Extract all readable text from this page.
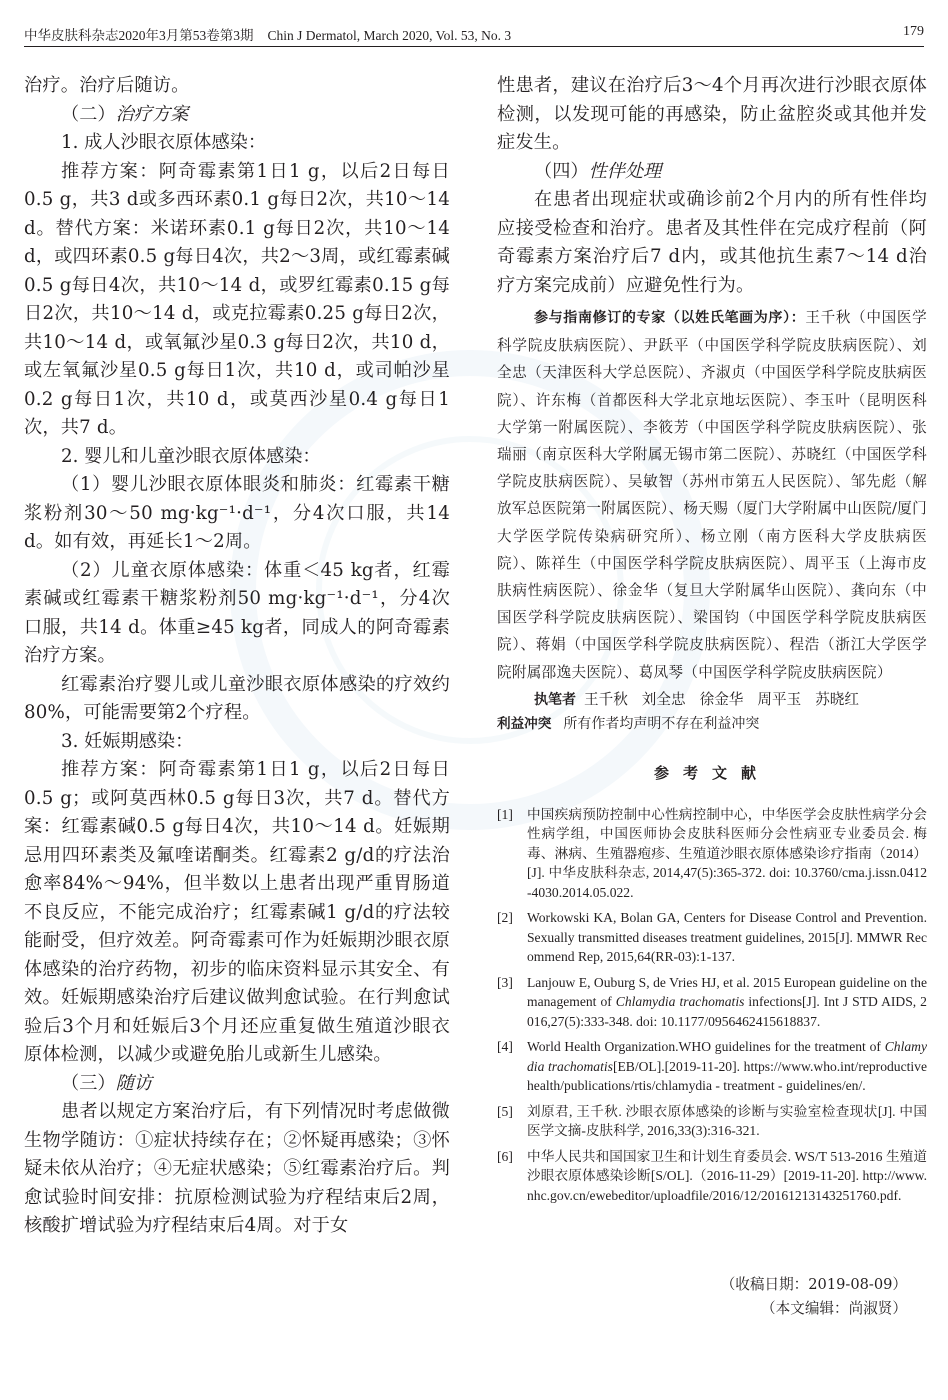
中华皮肤科杂志2020年3月第53卷第3期 Chin J Dermatol, March 2020, Vol. 53, No. 3	179

治疗。治疗后随访。

（二）治疗方案

1. 成人沙眼衣原体感染：

推荐方案：阿奇霉素第1日1 g，以后2日每日0.5 g，共3 d或多西环素0.1 g每日2次，共10～14 d。替代方案：米诺环素0.1 g每日2次，共10～14 d，或四环素0.5 g每日4次，共2～3周，或红霉素碱0.5 g每日4次，共10～14 d，或罗红霉素0.15 g每日2次，共10～14 d，或克拉霉素0.25 g每日2次，共10～14 d，或氧氟沙星0.3 g每日2次，共10 d，或左氧氟沙星0.5 g每日1次，共10 d，或司帕沙星0.2 g每日1次，共10 d，或莫西沙星0.4 g每日1次，共7 d。

2. 婴儿和儿童沙眼衣原体感染：

（1）婴儿沙眼衣原体眼炎和肺炎：红霉素干糖浆粉剂30～50 mg·kg⁻¹·d⁻¹，分4次口服，共14 d。如有效，再延长1～2周。

（2）儿童衣原体感染：体重＜45 kg者，红霉素碱或红霉素干糖浆粉剂50 mg·kg⁻¹·d⁻¹，分4次口服，共14 d。体重≥45 kg者，同成人的阿奇霉素治疗方案。

红霉素治疗婴儿或儿童沙眼衣原体感染的疗效约80%，可能需要第2个疗程。

3. 妊娠期感染：

推荐方案：阿奇霉素第1日1 g，以后2日每日0.5 g；或阿莫西林0.5 g每日3次，共7 d。替代方案：红霉素碱0.5 g每日4次，共10～14 d。妊娠期忌用四环素类及氟喹诺酮类。红霉素2 g/d的疗法治愈率84%～94%，但半数以上患者出现严重胃肠道不良反应，不能完成治疗；红霉素碱1 g/d的疗法较能耐受，但疗效差。阿奇霉素可作为妊娠期沙眼衣原体感染的治疗药物，初步的临床资料显示其安全、有效。妊娠期感染治疗后建议做判愈试验。在行判愈试验后3个月和妊娠后3个月还应重复做生殖道沙眼衣原体检测，以减少或避免胎儿或新生儿感染。

（三）随访

患者以规定方案治疗后，有下列情况时考虑做微生物学随访：①症状持续存在；②怀疑再感染；③怀疑未依从治疗；④无症状感染；⑤红霉素治疗后。判愈试验时间安排：抗原检测试验为疗程结束后2周，核酸扩增试验为疗程结束后4周。对于女

性患者，建议在治疗后3～4个月再次进行沙眼衣原体检测，以发现可能的再感染，防止盆腔炎或其他并发症发生。

（四）性伴处理

在患者出现症状或确诊前2个月内的所有性伴均应接受检查和治疗。患者及其性伴在完成疗程前（阿奇霉素方案治疗后7 d内，或其他抗生素7～14 d治疗方案完成前）应避免性行为。

参与指南修订的专家（以姓氏笔画为序）：王千秋（中国医学科学院皮肤病医院）、尹跃平（中国医学科学院皮肤病医院）、刘全忠（天津医科大学总医院）、齐淑贞（中国医学科学院皮肤病医院）、许东梅（首都医科大学北京地坛医院）、李玉叶（昆明医科大学第一附属医院）、李筱芳（中国医学科学院皮肤病医院）、张瑞丽（南京医科大学附属无锡市第二医院）、苏晓红（中国医学科学院皮肤病医院）、吴敏智（苏州市第五人民医院）、邹先彪（解放军总医院第一附属医院）、杨天赐（厦门大学附属中山医院/厦门大学医学院传染病研究所）、杨立刚（南方医科大学皮肤病医院）、陈祥生（中国医学科学院皮肤病医院）、周平玉（上海市皮肤病性病医院）、徐金华（复旦大学附属华山医院）、龚向东（中国医学科学院皮肤病医院）、梁国钧（中国医学科学院皮肤病医院）、蒋娟（中国医学科学院皮肤病医院）、程浩（浙江大学医学院附属邵逸夫医院）、葛凤琴（中国医学科学院皮肤病医院）

执笔者 王千秋 刘全忠 徐金华 周平玉 苏晓红

利益冲突 所有作者均声明不存在利益冲突

参考文献
[1] 中国疾病预防控制中心性病控制中心，中华医学会皮肤性病学分会性病学组，中国医师协会皮肤科医师分会性病亚专业委员会. 梅毒、淋病、生殖器疱疹、生殖道沙眼衣原体感染诊疗指南（2014）[J]. 中华皮肤科杂志, 2014,47(5):365-372. doi: 10.3760/cma.j.issn.0412-4030.2014.05.022.
[2] Workowski KA, Bolan GA, Centers for Disease Control and Prevention. Sexually transmitted diseases treatment guidelines, 2015[J]. MMWR Recommend Rep, 2015,64(RR-03):1-137.
[3] Lanjouw E, Ouburg S, de Vries HJ, et al. 2015 European guideline on the management of Chlamydia trachomatis infections[J]. Int J STD AIDS, 2016,27(5):333-348. doi: 10.1177/0956462415618837.
[4] World Health Organization.WHO guidelines for the treatment of Chlamydia trachomatis[EB/OL].[2019-11-20]. https://www.who.int/reproductivehealth/publications/rtis/chlamydia - treatment - guidelines/en/.
[5] 刘原君, 王千秋. 沙眼衣原体感染的诊断与实验室检查现状[J]. 中国医学文摘-皮肤科学, 2016,33(3):316-321.
[6] 中华人民共和国国家卫生和计划生育委员会. WS/T 513-2016 生殖道沙眼衣原体感染诊断[S/OL].（2016-11-29）[2019-11-20]. http://www.nhc.gov.cn/ewebeditor/uploadfile/2016/12/20161213143251760.pdf.
（收稿日期：2019-08-09）
（本文编辑：尚淑贤）
